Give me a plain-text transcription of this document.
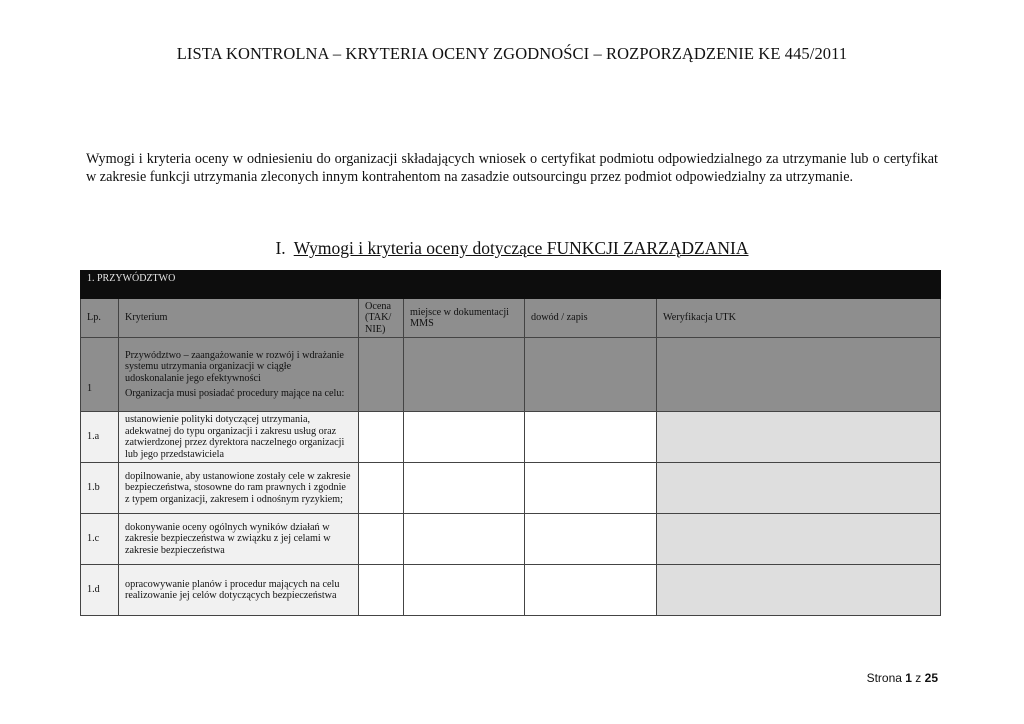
LISTA KONTROLNA – KRYTERIA OCENY ZGODNOŚCI – ROZPORZĄDZENIE KE 445/2011
Wymogi i kryteria oceny w odniesieniu do organizacji składających wniosek o certyfikat podmiotu odpowiedzialnego za utrzymanie lub o certyfikat w zakresie funkcji utrzymania zleconych innym kontrahentom na zasadzie outsourcingu przez podmiot odpowiedzialny za utrzymanie.
I. Wymogi i kryteria oceny dotyczące FUNKCJI ZARZĄDZANIA
1. PRZYWÓDZTWO					
Lp.	Kryterium	Ocena (TAK/ NIE)	miejsce w dokumentacji MMS	dowód / zapis	Weryfikacja UTK

1	Przywództwo – zaangażowanie w rozwój i wdrażanie systemu utrzymania organizacji w ciągłe udoskonalanie jego efektywności

Organizacja musi posiadać procedury mające na celu:				

1.a	ustanowienie polityki dotyczącej utrzymania, adekwatnej do typu organizacji i zakresu usług oraz zatwierdzonej przez dyrektora naczelnego organizacji lub jego przedstawiciela				
1.b	dopilnowanie, aby ustanowione zostały cele w zakresie bezpieczeństwa, stosowne do ram prawnych i zgodnie z typem organizacji, zakresem i odnośnym ryzykiem;				
1.c	dokonywanie oceny ogólnych wyników działań w zakresie bezpieczeństwa w związku z jej celami w zakresie bezpieczeństwa				
1.d	opracowywanie planów i procedur mających na celu realizowanie jej celów dotyczących bezpieczeństwa				
Strona 1 z 25
